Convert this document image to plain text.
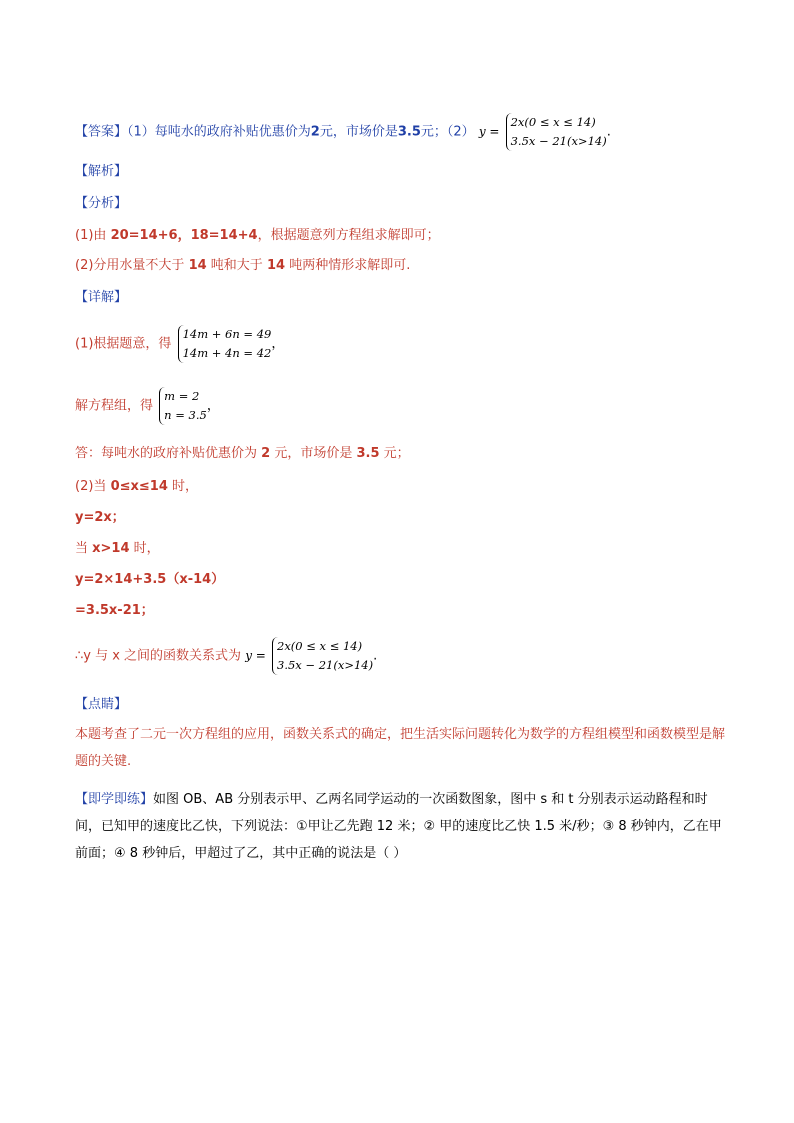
【答案】（1）每吨水的政府补贴优惠价为2元，市场价是3.5元；（2） y =
2x(0 ≤ x ≤ 14)
3.5x − 21(x>14)
.
【解析】
【分析】
(1)由 20=14+6，18=14+4，根据题意列方程组求解即可；
(2)分用水量不大于 14 吨和大于 14 吨两种情形求解即可.
【详解】
(1)根据题意，得
14m + 6n = 49
14m + 4n = 42
，
解方程组，得
m = 2
n = 3.5
，
答：每吨水的政府补贴优惠价为 2 元，市场价是 3.5 元；
(2)当 0≤x≤14 时，
y=2x；
当 x>14 时，
y=2×14+3.5（x-14）
=3.5x-21；
∴y 与 x 之间的函数关系式为 y =
2x(0 ≤ x ≤ 14)
3.5x − 21(x>14)
.
【点睛】
本题考查了二元一次方程组的应用，函数关系式的确定，把生活实际问题转化为数学的方程组模型和函数模型是解题的关键.
【即学即练】如图 OB、AB 分别表示甲、乙两名同学运动的一次函数图象，图中 s 和 t 分别表示运动路程和时间，已知甲的速度比乙快，下列说法：①甲让乙先跑 12 米；② 甲的速度比乙快 1.5 米/秒；③ 8 秒钟内，乙在甲前面；④ 8 秒钟后，甲超过了乙，其中正确的说法是（ ）
